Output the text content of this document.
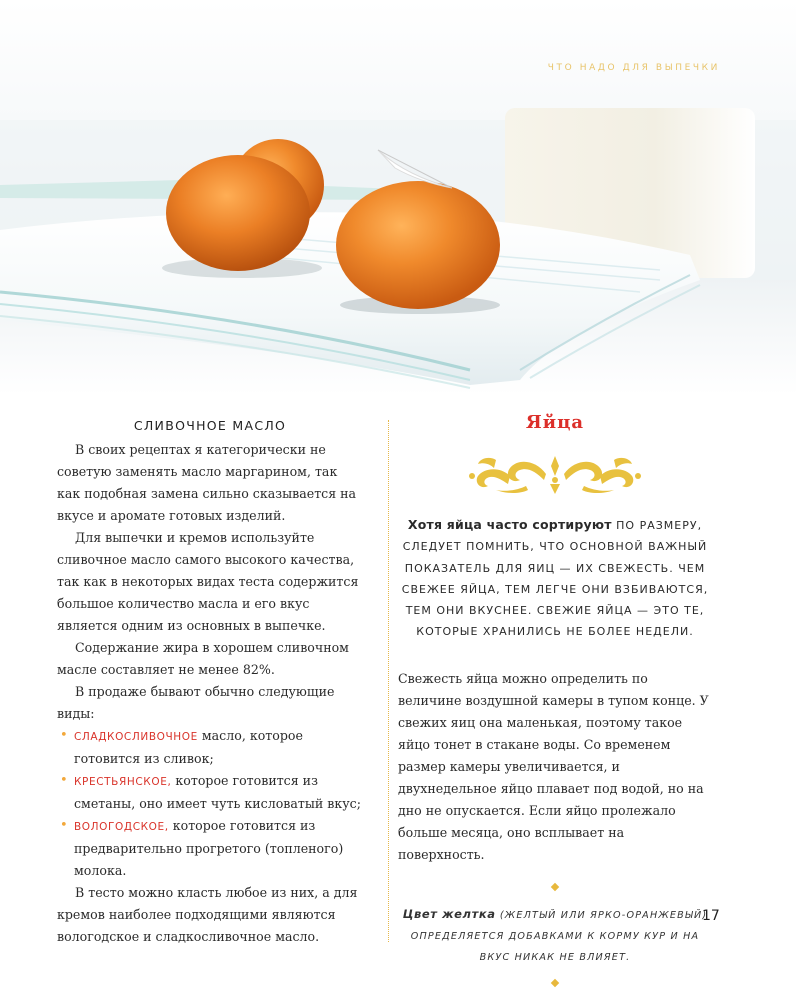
ЧТО НАДО ДЛЯ ВЫПЕЧКИ
СЛИВОЧНОЕ МАСЛО

В своих рецептах я категорически не советую заменять масло маргарином, так как подобная замена сильно сказывается на вкусе и аромате готовых изделий.

Для выпечки и кремов используйте сливочное масло самого высокого качества, так как в некоторых видах теста содержится большое количество масла и его вкус является одним из основных в выпечке.

Содержание жира в хорошем сливочном масле составляет не менее 82%.

В продаже бывают обычно следующие виды:

• СЛАДКОСЛИВОЧНОЕ масло, которое готовится из сливок;
• КРЕСТЬЯНСКОЕ, которое готовится из сметаны, оно имеет чуть кисловатый вкус;
• ВОЛОГОДСКОЕ, которое готовится из предварительно прогретого (топленого) молока.

В тесто можно класть любое из них, а для кремов наиболее подходящими являются вологодское и сладкосливочное масло.

Яйца

Хотя яйца часто сортируют ПО РАЗМЕРУ, СЛЕДУЕТ ПОМНИТЬ, ЧТО ОСНОВНОЙ ВАЖНЫЙ ПОКАЗАТЕЛЬ ДЛЯ ЯИЦ — ИХ СВЕЖЕСТЬ. ЧЕМ СВЕЖЕЕ ЯЙЦА, ТЕМ ЛЕГЧЕ ОНИ ВЗБИВАЮТСЯ, ТЕМ ОНИ ВКУСНЕЕ. СВЕЖИЕ ЯЙЦА — ЭТО ТЕ, КОТОРЫЕ ХРАНИЛИСЬ НЕ БОЛЕЕ НЕДЕЛИ.

Свежесть яйца можно определить по величине воздушной камеры в тупом конце. У свежих яиц она маленькая, поэтому такое яйцо тонет в стакане воды. Со временем размер камеры увеличивается, и двухнедельное яйцо плавает под водой, но на дно не опускается. Если яйцо пролежало больше месяца, оно всплывает на поверхность.

Цвет желтка (ЖЕЛТЫЙ ИЛИ ЯРКО-ОРАНЖЕВЫЙ) ОПРЕДЕЛЯЕТСЯ ДОБАВКАМИ К КОРМУ КУР И НА ВКУС НИКАК НЕ ВЛИЯЕТ.

17
